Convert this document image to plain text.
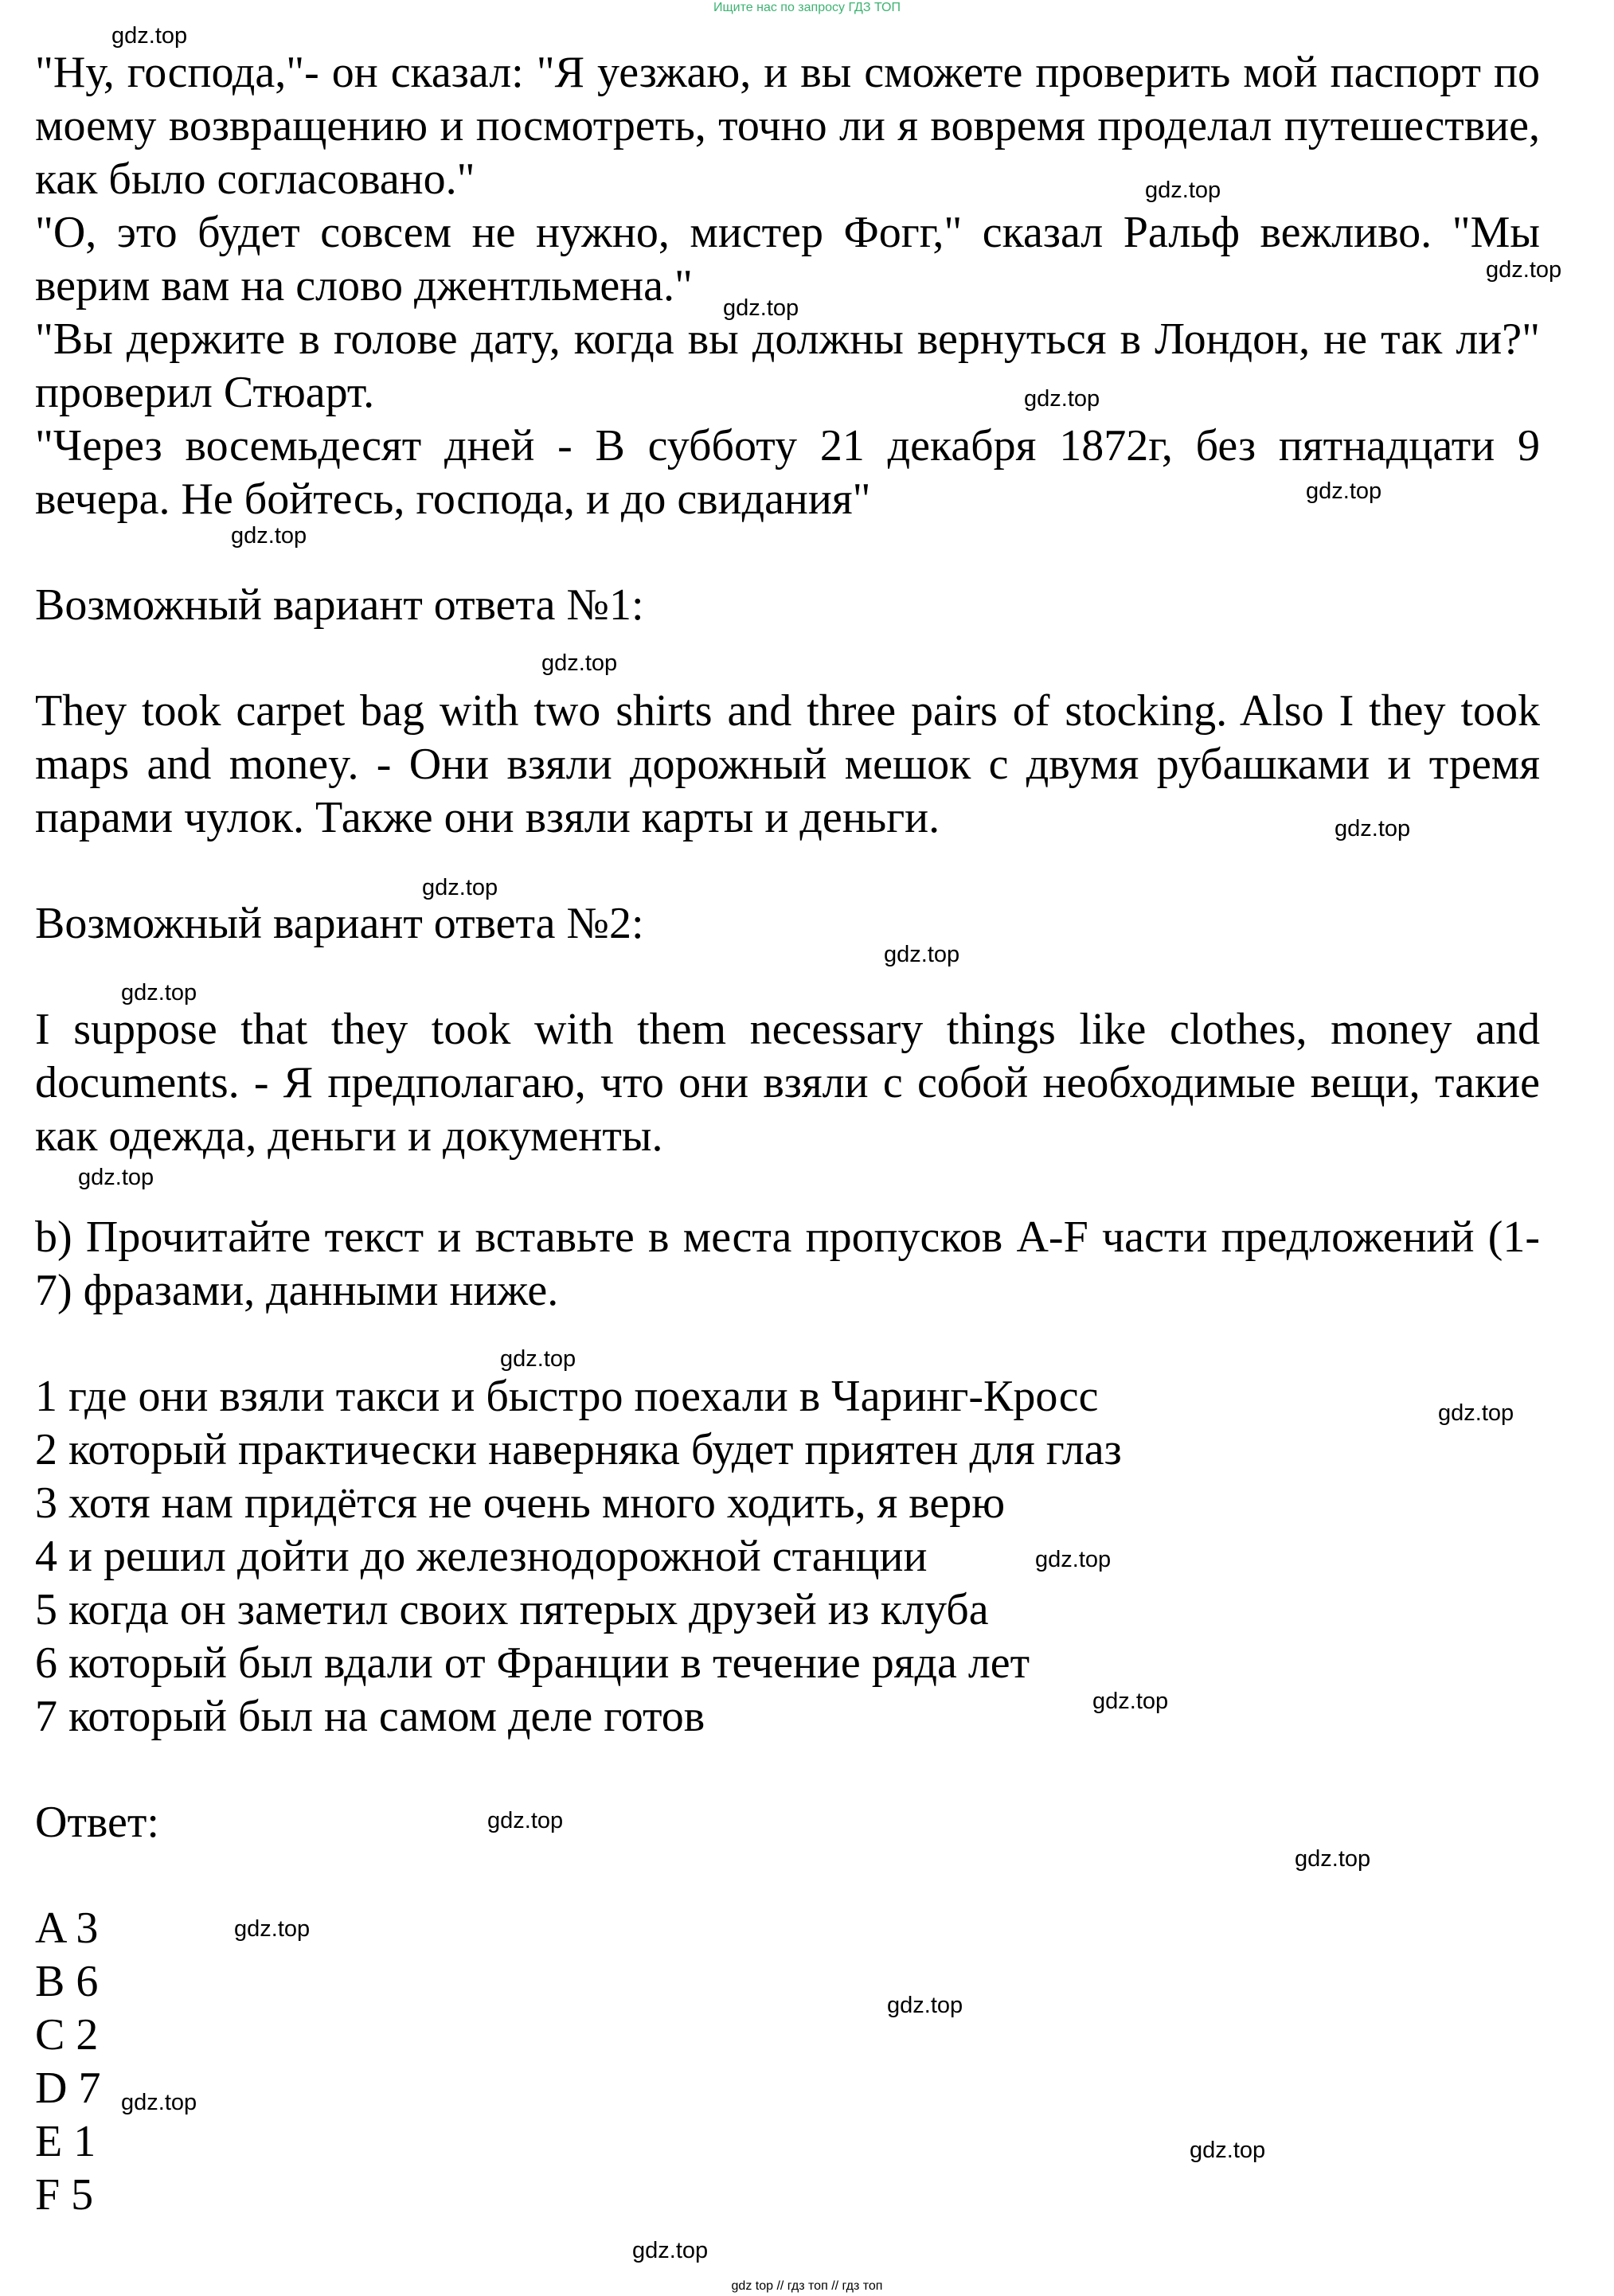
Ищите нас по запросу ГДЗ ТОП

"Ну, господа,"- он сказал: "Я уезжаю, и вы сможете проверить мой паспорт по моему возвращению и посмотреть, точно ли я вовремя проделал путешествие, как было согласовано."

"О, это будет совсем не нужно, мистер Фогг," сказал Ральф вежливо. "Мы верим вам на слово джентльмена."

"Вы держите в голове дату, когда вы должны вернуться в Лондон, не так ли?" проверил Стюарт.

"Через восемьдесят дней - В субботу 21 декабря 1872г, без пятнадцати 9 вечера. Не бойтесь, господа, и до свидания"

Возможный вариант ответа №1:

They took carpet bag with two shirts and three pairs of stocking. Also I they took maps and money. - Они взяли дорожный мешок с двумя рубашками и тремя парами чулок. Также они взяли карты и деньги.

Возможный вариант ответа №2:

I suppose that they took with them necessary things like clothes, money and documents. - Я предполагаю, что они взяли с собой необходимые вещи, такие как одежда, деньги и документы.

b) Прочитайте текст и вставьте в места пропусков A-F части предложений (1-7) фразами, данными ниже.

1 где они взяли такси и быстро поехали в Чаринг-Кросс

2 который практически наверняка будет приятен для глаз

3 хотя нам придётся не очень много ходить, я верю

4 и решил дойти до железнодорожной станции

5 когда он заметил своих пятерых друзей из клуба

6 который был вдали от Франции в течение ряда лет

7 который был на самом деле готов

Ответ:

A 3

B 6

C 2

D 7

E 1

F 5

gdz.top
gdz.top
gdz.top
gdz.top
gdz.top
gdz.top
gdz.top
gdz.top
gdz.top
gdz.top
gdz.top
gdz.top
gdz.top
gdz.top
gdz.top
gdz.top
gdz.top
gdz.top
gdz.top
gdz.top
gdz.top
gdz.top
gdz.top
gdz.top
gdz top // гдз топ // гдз топ
